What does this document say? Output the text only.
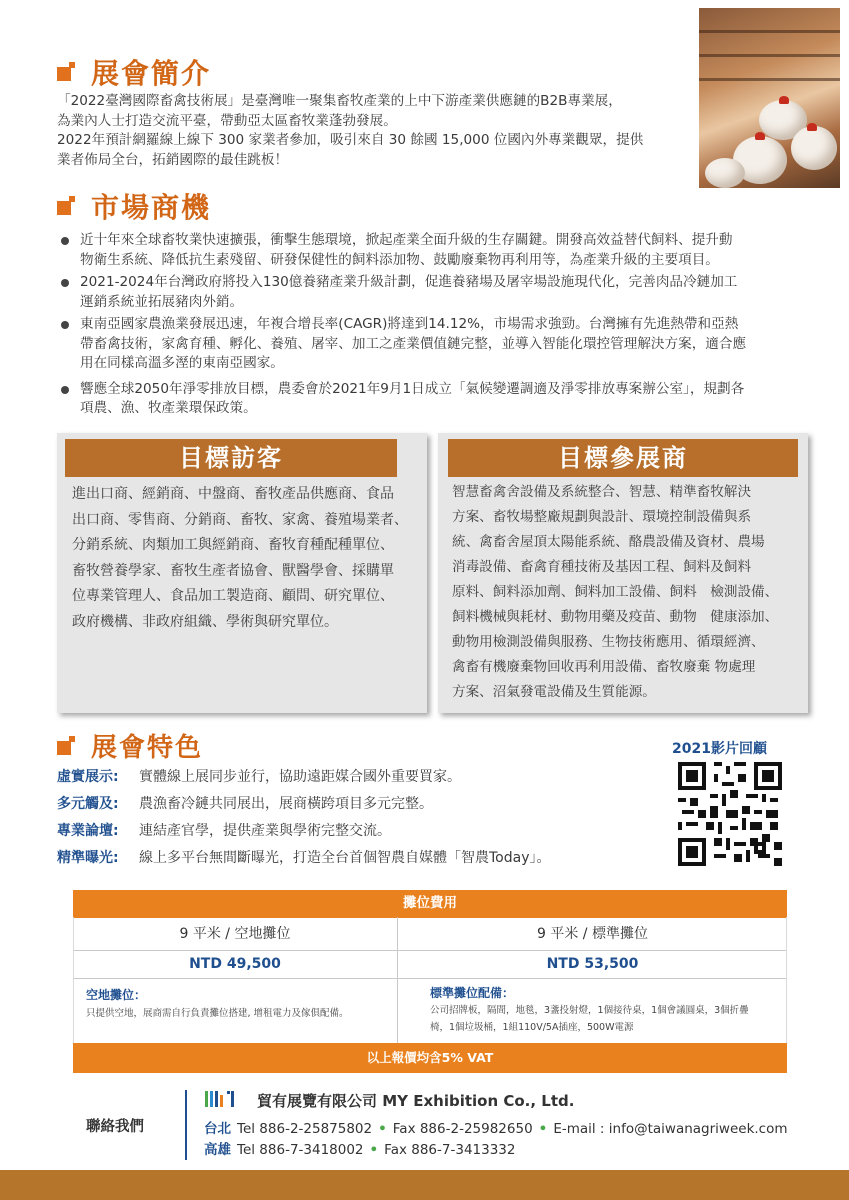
展會簡介
「2022臺灣國際畜禽技術展」是臺灣唯一聚集畜牧產業的上中下游產業供應鏈的B2B專業展，
為業內人士打造交流平臺，帶動亞太區畜牧業蓬勃發展。
2022年預計網羅線上線下 300 家業者參加，吸引來自 30 餘國 15,000 位國內外專業觀眾，提供
業者佈局全台，拓銷國際的最佳跳板！
市場商機
近十年來全球畜牧業快速擴張，衝擊生態環境，掀起產業全面升級的生存關鍵。開發高效益替代飼料、提升動
物衛生系統、降低抗生素殘留、研發保健性的飼料添加物、鼓勵廢棄物再利用等，為產業升級的主要項目。
2021-2024年台灣政府將投入130億養豬產業升級計劃，促進養豬場及屠宰場設施現代化，完善肉品冷鏈加工
運銷系統並拓展豬肉外銷。
東南亞國家農漁業發展迅速，年複合增長率(CAGR)將達到14.12%，市場需求強勁。台灣擁有先進熱帶和亞熱
帶畜禽技術，家禽育種、孵化、養殖、屠宰、加工之產業價值鏈完整，並導入智能化環控管理解決方案，適合應
用在同樣高溫多溼的東南亞國家。
響應全球2050年淨零排放目標，農委會於2021年9月1日成立「氣候變遷調適及淨零排放專案辦公室」，規劃各
項農、漁、牧產業環保政策。
目標訪客
進出口商、經銷商、中盤商、畜牧產品供應商、食品
出口商、零售商、分銷商、畜牧、家禽、養殖場業者、
分銷系統、肉類加工與經銷商、畜牧育種配種單位、
畜牧營養學家、畜牧生產者協會、獸醫學會、採購單
位專業管理人、食品加工製造商、顧問、研究單位、
政府機構、非政府組織、學術與研究單位。
目標參展商
智慧畜禽舍設備及系統整合、智慧、精準畜牧解決
方案、畜牧場整廠規劃與設計、環境控制設備與系
統、禽畜舍屋頂太陽能系統、酪農設備及資材、農場
消毒設備、畜禽育種技術及基因工程、飼料及飼料
原料、飼料添加劑、飼料加工設備、飼料　檢測設備、
飼料機械與耗材、動物用藥及疫苗、動物　健康添加、
動物用檢測設備與服務、生物技術應用、循環經濟、
禽畜有機廢棄物回收再利用設備、畜牧廢棄 物處理
方案、沼氣發電設備及生質能源。
展會特色
虛實展示:	實體線上展同步並行，協助遠距媒合國外重要買家。
多元觸及:	農漁畜冷鏈共同展出，展商橫跨項目多元完整。
專業論壇:	連結產官學，提供產業與學術完整交流。
精準曝光:	線上多平台無間斷曝光，打造全台首個智農自媒體「智農Today」。
2021影片回顧
攤位費用
9 平米 / 空地攤位	9 平米 / 標準攤位
NTD 49,500	NTD 53,500
空地攤位：
只提供空地，展商需自行負責攤位搭建, 增租電力及傢俱配備。
標準攤位配備：
公司招牌板，隔間，地毯，3盞投射燈，1個接待桌，1個會議圓桌，3個折疊
椅，1個垃圾桶，1組110V/5A插座，500W電源
以上報價均含5% VAT
聯絡我們
貿有展覽有限公司 MY Exhibition Co., Ltd.
台北 Tel 886-2-25875802 • Fax 886-2-25982650 • E-mail : info@taiwanagriweek.com
高雄 Tel 886-7-3418002 • Fax 886-7-3413332
